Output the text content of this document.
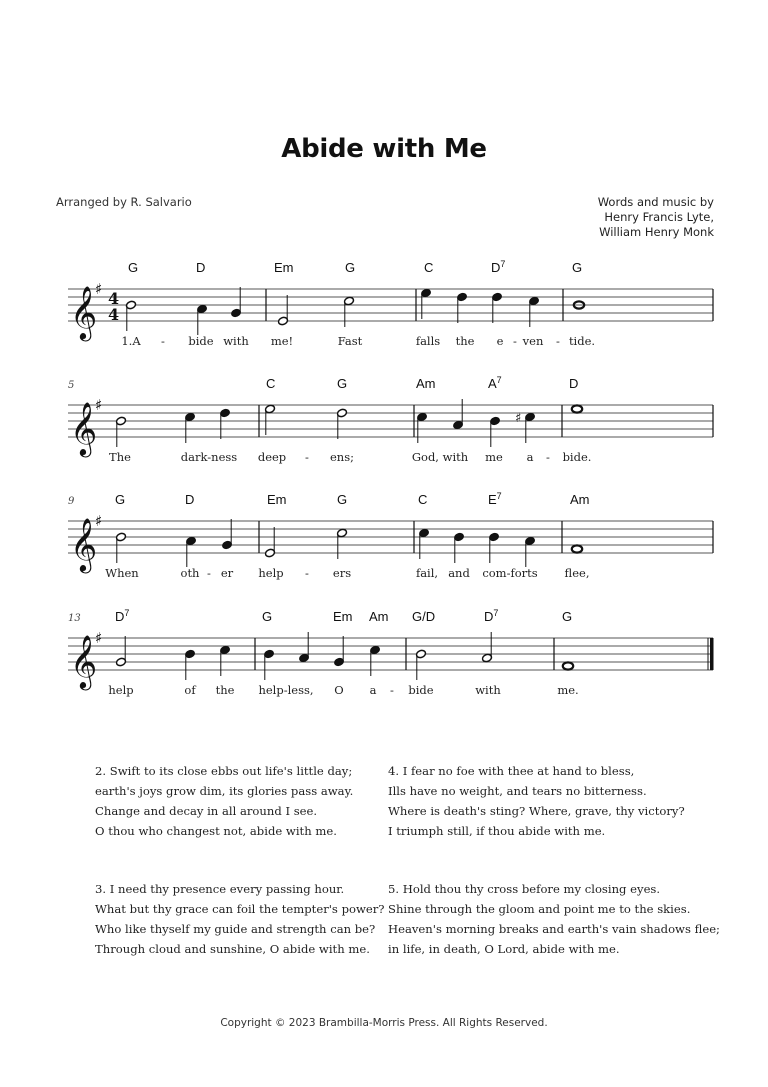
Abide with Me
Arranged by R. Salvario	Words and music by
Henry Francis Lyte,
William Henry Monk
𝄞
♯ 4
4
G	D	Em	G	C	$D^7$	G
1.A - bide with me!	Fast	falls the e - ven - tide.
𝄞
♯
5	C	G	Am	$A^7$	D
♯
The	dark-ness deep - ens;	God, with me a - bide.
𝄞
♯
9	G	D	Em	G	C	$E^7$	Am
When	oth - er help - ers	fail, and com-forts flee,
𝄞
♯
13	$D^7$	G	Em Am G/D	$D^7$	G
help	of the help-less, O a - bide	with	me.
2. Swift to its close ebbs out life's little day;
earth's joys grow dim, its glories pass away.
Change and decay in all around I see.
O thou who changest not, abide with me.
4. I fear no foe with thee at hand to bless,
Ills have no weight, and tears no bitterness.
Where is death's sting? Where, grave, thy victory?
I triumph still, if thou abide with me.
3. I need thy presence every passing hour.
What but thy grace can foil the tempter's power?
Who like thyself my guide and strength can be?
Through cloud and sunshine, O abide with me.
5. Hold thou thy cross before my closing eyes.
Shine through the gloom and point me to the skies.
Heaven's morning breaks and earth's vain shadows flee;
in life, in death, O Lord, abide with me.
Copyright © 2023 Brambilla-Morris Press. All Rights Reserved.
